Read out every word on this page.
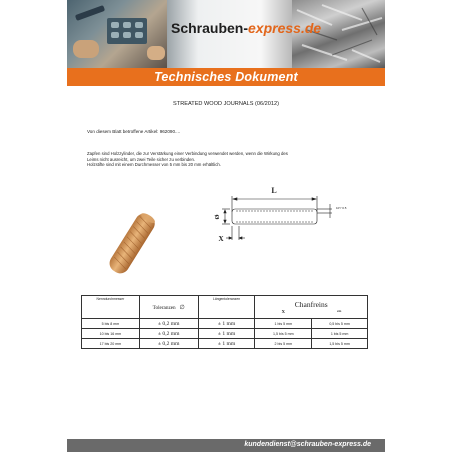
Schrauben-express.de
Technisches Dokument
STREATED WOOD JOURNALS (06/2012)
Von diesem Blatt betroffene Artikel: 962090....
Zapfen sind Holzzylinder, die zur Verstärkung einer Verbindung verwendet werden, wenn die Wirkung des
Leims nicht ausreicht, um zwei Teile sicher zu verbinden.
Holzstifte sind mit einem Durchmesser von 5 mm bis 20 mm erhältlich.
L
Ø
X
10°/ 0.5
Nenndurchmesser	Toleranzen ∅	Längentoleranzen	Chanfreins
X cm	

5 bis 8 mm	± 0,2 mm	± 1 mm	1 bis 5 mm	0,5 bis 5 mm
10 bis 16 mm	± 0,2 mm	± 1 mm	1,5 bis 5 mm	1 bis 5 mm
17 bis 20 mm	± 0,2 mm	± 1 mm	2 bis 5 mm	1,5 bis 5 mm
kundendienst@schrauben-express.de
